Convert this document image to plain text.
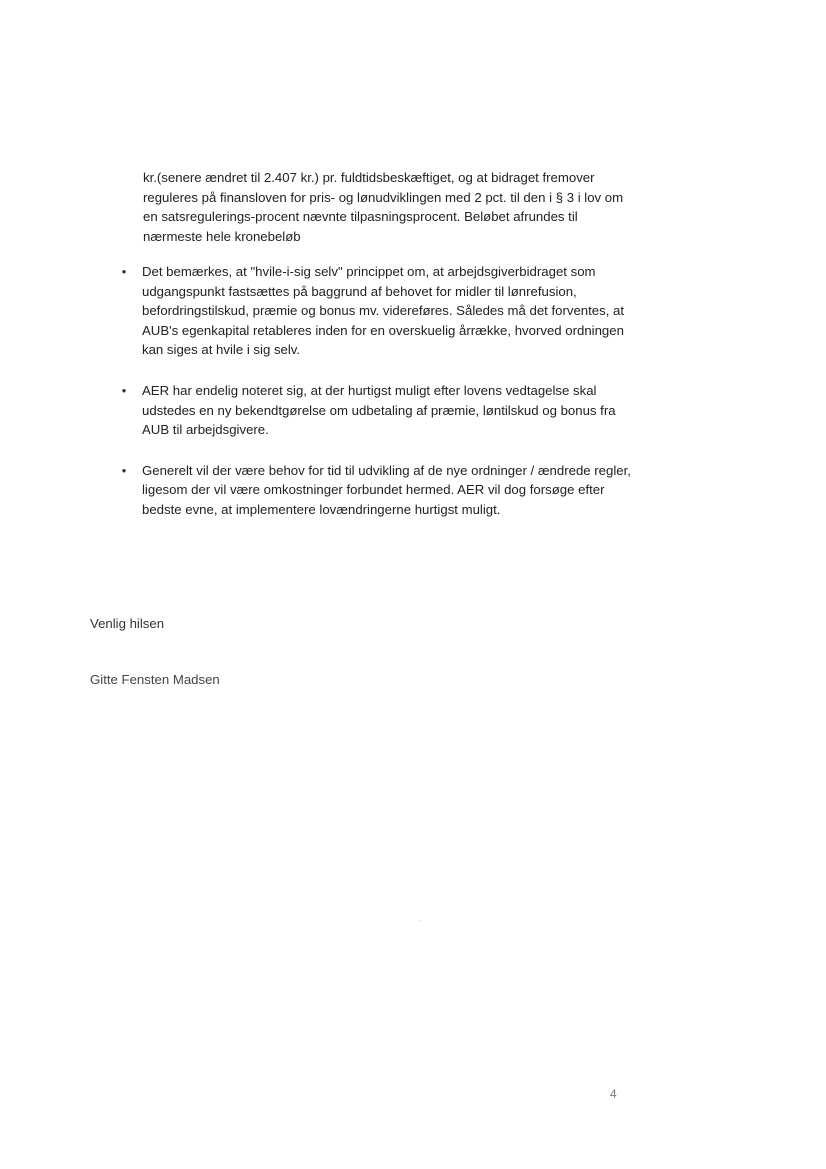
kr.(senere ændret til 2.407 kr.) pr. fuldtidsbeskæftiget, og at bidraget fremover reguleres på finansloven for pris- og lønudviklingen med 2 pct. til den i § 3 i lov om en satsregulerings-procent nævnte tilpasningsprocent. Beløbet afrundes til nærmeste hele kronebeløb

• Det bemærkes, at "hvile-i-sig selv" princippet om, at arbejdsgiverbidraget som udgangspunkt fastsættes på baggrund af behovet for midler til lønrefusion, befordringstilskud, præmie og bonus mv. videreføres. Således må det forventes, at AUB's egenkapital retableres inden for en overskuelig årrække, hvorved ordningen kan siges at hvile i sig selv.
• AER har endelig noteret sig, at der hurtigst muligt efter lovens vedtagelse skal udstedes en ny bekendtgørelse om udbetaling af præmie, løntilskud og bonus fra AUB til arbejdsgivere.
• Generelt vil der være behov for tid til udvikling af de nye ordninger / ændrede regler, ligesom der vil være omkostninger forbundet hermed. AER vil dog forsøge efter bedste evne, at implementere lovændringerne hurtigst muligt.

Venlig hilsen

Gitte Fensten Madsen

4
